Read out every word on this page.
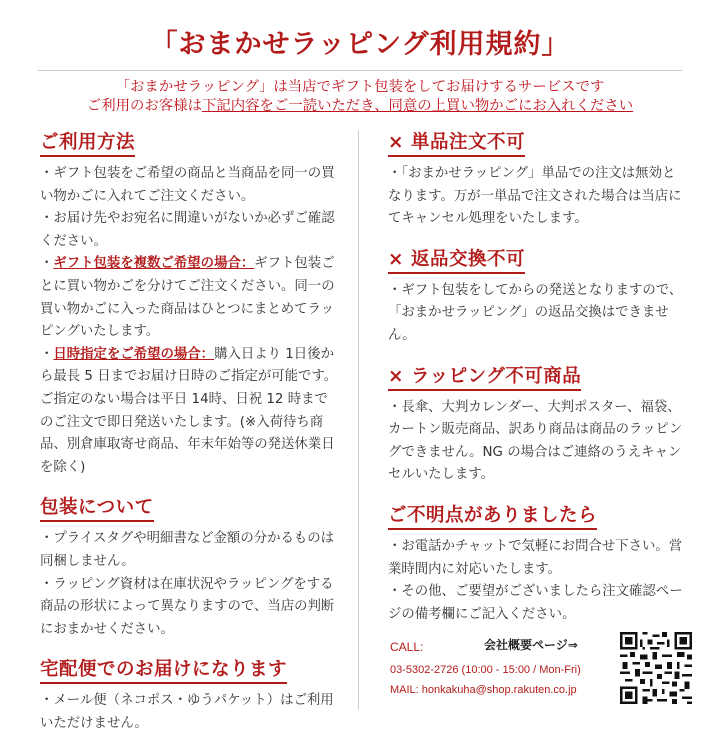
「おまかせラッピング利用規約」
「おまかせラッピング」は当店でギフト包装をしてお届けするサービスです
ご利用のお客様は下記内容をご一読いただき、同意の上買い物かごにお入れください
ご利用方法

・ギフト包装をご希望の商品と当商品を同一の買い物かごに入れてご注文ください。

・お届け先やお宛名に間違いがないか必ずご確認ください。

・ギフト包装を複数ご希望の場合：ギフト包装ごとに買い物かごを分けてご注文ください。同一の買い物かごに入った商品はひとつにまとめてラッピングいたします。

・日時指定をご希望の場合：購入日より 1日後から最長 5 日までお届け日時のご指定が可能です。ご指定のない場合は平日 14時、日祝 12 時までのご注文で即日発送いたします。(※入荷待ち商品、別倉庫取寄せ商品、年末年始等の発送休業日を除く)

包装について

・プライスタグや明細書など金額の分かるものは同梱しません。

・ラッピング資材は在庫状況やラッピングをする商品の形状によって異なりますので、当店の判断におまかせください。

宅配便でのお届けになります

・メール便（ネコポス・ゆうパケット）はご利用いただけません。

× 単品注文不可

・「おまかせラッピング」単品での注文は無効となります。万が一単品で注文された場合は当店にてキャンセル処理をいたします。

× 返品交換不可

・ギフト包装をしてからの発送となりますので、「おまかせラッピング」の返品交換はできません。

× ラッピング不可商品

・長傘、大判カレンダー、大判ポスター、福袋、カートン販売商品、訳あり商品は商品のラッピングできません。NG の場合はご連絡のうえキャンセルいたします。

ご不明点がありましたら

・お電話かチャットで気軽にお問合せ下さい。営業時間内に対応いたします。

・その他、ご要望がございましたら注文確認ページの備考欄にご記入ください。

CALL:
03-5302-2726 (10:00 - 15:00 / Mon-Fri)
MAIL: honkakuha@shop.rakuten.co.jp
会社概要ページ⇒
